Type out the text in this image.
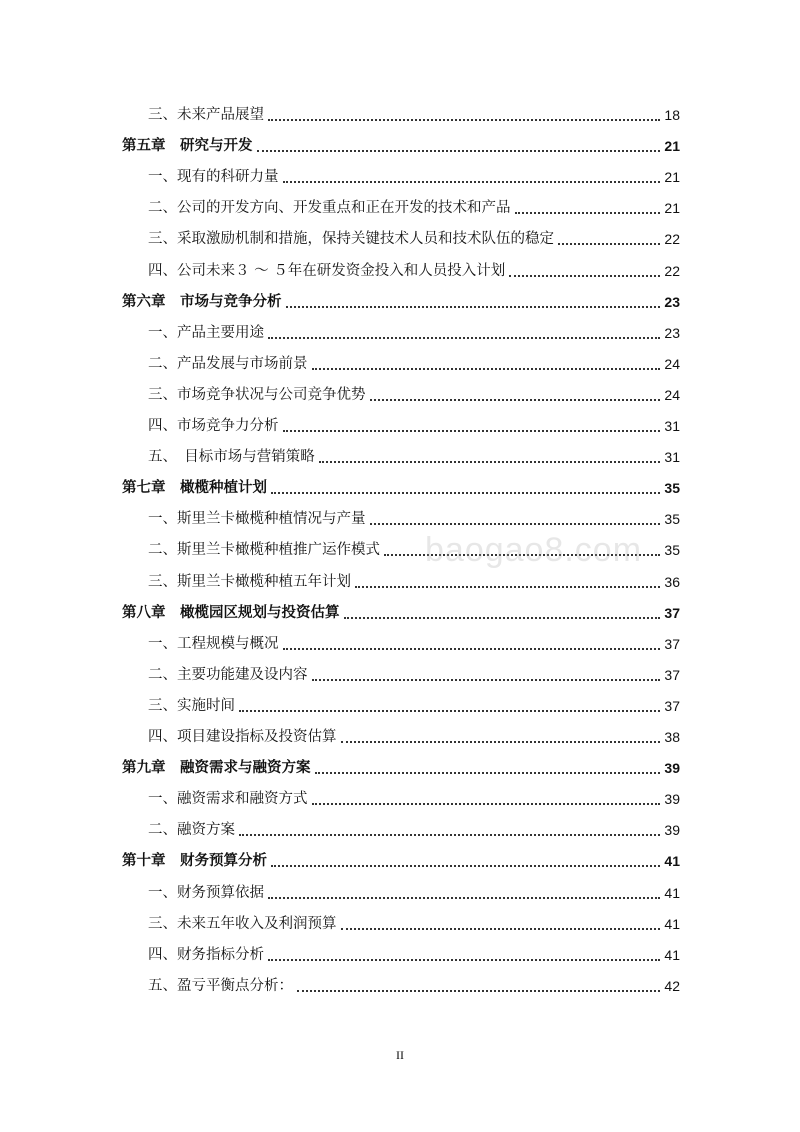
三、未来产品展望	18
第五章　研究与开发	21
一、现有的科研力量	21
二、公司的开发方向、开发重点和正在开发的技术和产品	21
三、采取激励机制和措施，保持关键技术人员和技术队伍的稳定	22
四、公司未来３ ～ ５年在研发资金投入和人员投入计划	22
第六章　市场与竞争分析	23
一、产品主要用途	23
二、产品发展与市场前景	24
三、市场竞争状况与公司竞争优势	24
四、市场竞争力分析	31
五、　目标市场与营销策略	31
第七章　橄榄种植计划	35
一、斯里兰卡橄榄种植情况与产量	35
二、斯里兰卡橄榄种植推广运作模式	35
三、斯里兰卡橄榄种植五年计划	36
第八章　橄榄园区规划与投资估算	37
一、工程规模与概况	37
二、主要功能建及设内容	37
三、实施时间	37
四、项目建设指标及投资估算	38
第九章　融资需求与融资方案	39
一、融资需求和融资方式	39
二、融资方案	39
第十章　财务预算分析	41
一、财务预算依据	41
三、未来五年收入及利润预算	41
四、财务指标分析	41
五、盈亏平衡点分析：	42
baogao8.com
II
